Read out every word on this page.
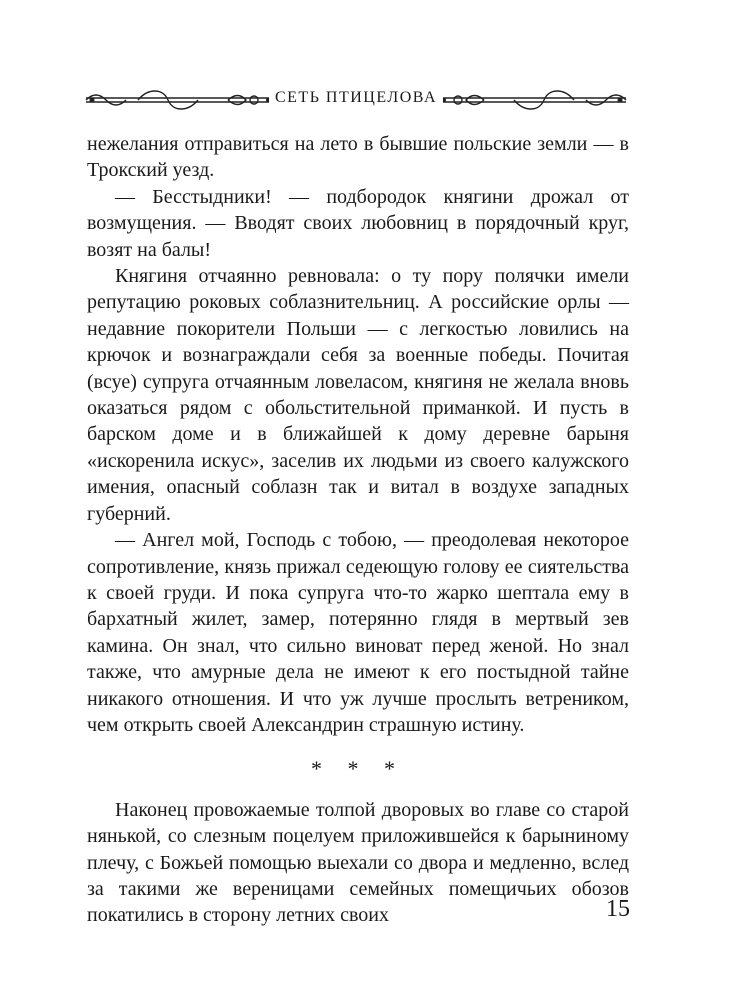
СЕТЬ ПТИЦЕЛОВА

нежелания отправиться на лето в бывшие польские земли — в Трокский уезд.

— Бесстыдники! — подбородок княгини дрожал от возмущения. — Вводят своих любовниц в порядочный круг, возят на балы!

Княгиня отчаянно ревновала: о ту пору полячки имели репутацию роковых соблазнительниц. А российские орлы — недавние покорители Польши — с легкостью ловились на крючок и вознаграждали себя за военные победы. Почитая (всуе) супруга отчаянным ловеласом, княгиня не желала вновь оказаться рядом с обольстительной приманкой. И пусть в барском доме и в ближайшей к дому деревне барыня «искоренила искус», заселив их людьми из своего калужского имения, опасный соблазн так и витал в воздухе западных губерний.

— Ангел мой, Господь с тобою, — преодолевая некоторое сопротивление, князь прижал седеющую голову ее сиятельства к своей груди. И пока супруга что-то жарко шептала ему в бархатный жилет, замер, потерянно глядя в мертвый зев камина. Он знал, что сильно виноват перед женой. Но знал также, что амурные дела не имеют к его постыдной тайне никакого отношения. И что уж лучше прослыть ветреником, чем открыть своей Александрин страшную истину.

* * *

Наконец провожаемые толпой дворовых во главе со старой нянькой, со слезным поцелуем приложившейся к барыниному плечу, с Божьей помощью выехали со двора и медленно, вслед за такими же вереницами семейных помещичьих обозов покатились в сторону летних своих	15
